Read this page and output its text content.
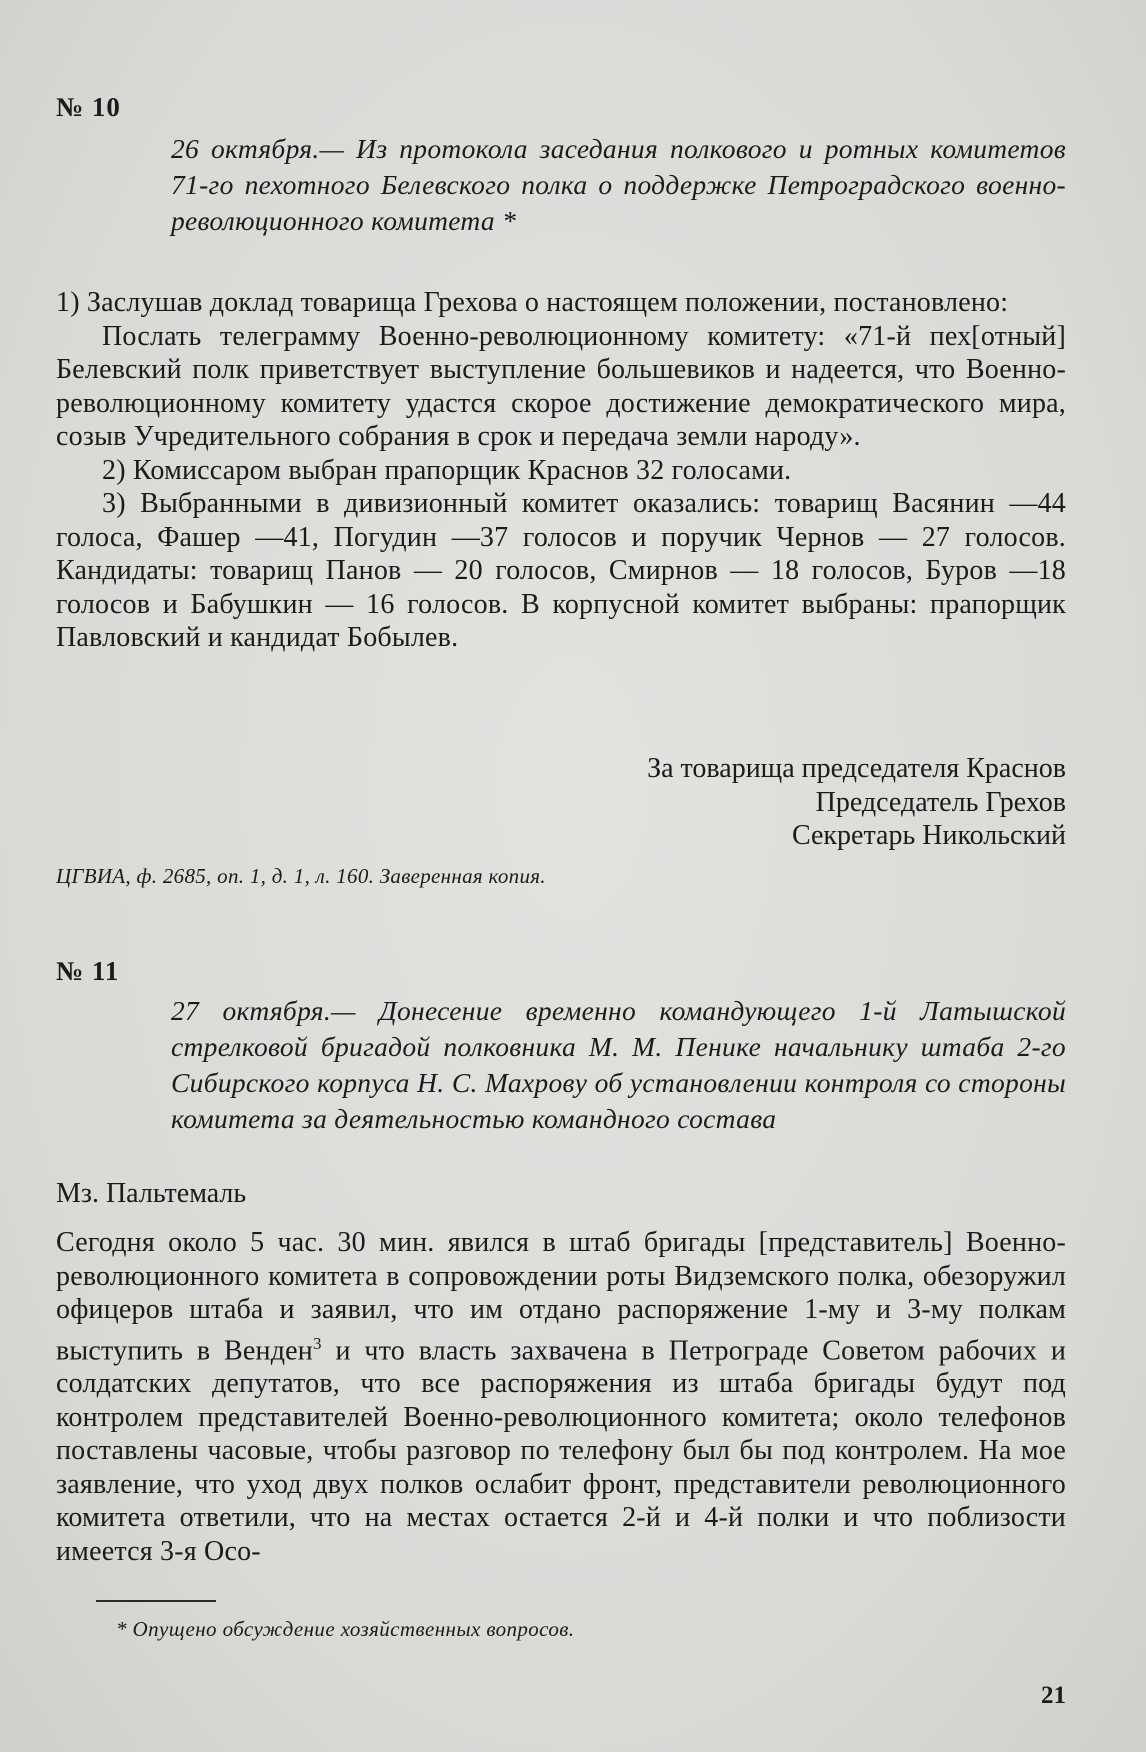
№ 10
26 октября.— Из протокола заседания полкового и ротных комитетов 71-го пехотного Белевского полка о поддержке Петроградского военно-революционного комитета *

1) Заслушав доклад товарища Грехова о настоящем положении, постановлено:

Послать телеграмму Военно-революционному комитету: «71-й пех[отный] Белевский полк приветствует выступление большевиков и надеется, что Военно-революционному комитету удастся скорое достижение демократического мира, созыв Учредительного собрания в срок и передача земли народу».

2) Комиссаром выбран прапорщик Краснов 32 голосами.

3) Выбранными в дивизионный комитет оказались: товарищ Васянин —44 голоса, Фашер —41, Погудин —37 голосов и поручик Чернов — 27 голосов. Кандидаты: товарищ Панов — 20 голосов, Смирнов — 18 голосов, Буров —18 голосов и Бабушкин — 16 голосов. В корпусной комитет выбраны: прапорщик Павловский и кандидат Бобылев.

За товарища председателя Краснов
Председатель Грехов
Секретарь Никольский
ЦГВИА, ф. 2685, оп. 1, д. 1, л. 160. Заверенная копия.
№ 11
27 октября.— Донесение временно командующего 1-й Латышской стрелковой бригадой полковника М. М. Пенике начальнику штаба 2-го Сибирского корпуса Н. С. Махрову об установлении контроля со стороны комитета за деятельностью командного состава
Мз. Пальтемаль

Сегодня около 5 час. 30 мин. явился в штаб бригады [представитель] Военно-революционного комитета в сопровождении роты Видземского полка, обезоружил офицеров штаба и заявил, что им отдано распоряжение 1-му и 3-му полкам выступить в Венден$^3$ и что власть захвачена в Петрограде Советом рабочих и солдатских депутатов, что все распоряжения из штаба бригады будут под контролем представителей Военно-революционного комитета; около телефонов поставлены часовые, чтобы разговор по телефону был бы под контролем. На мое заявление, что уход двух полков ослабит фронт, представители революционного комитета ответили, что на местах остается 2-й и 4-й полки и что поблизости имеется 3-я Осо-

* Опущено обсуждение хозяйственных вопросов.
21
